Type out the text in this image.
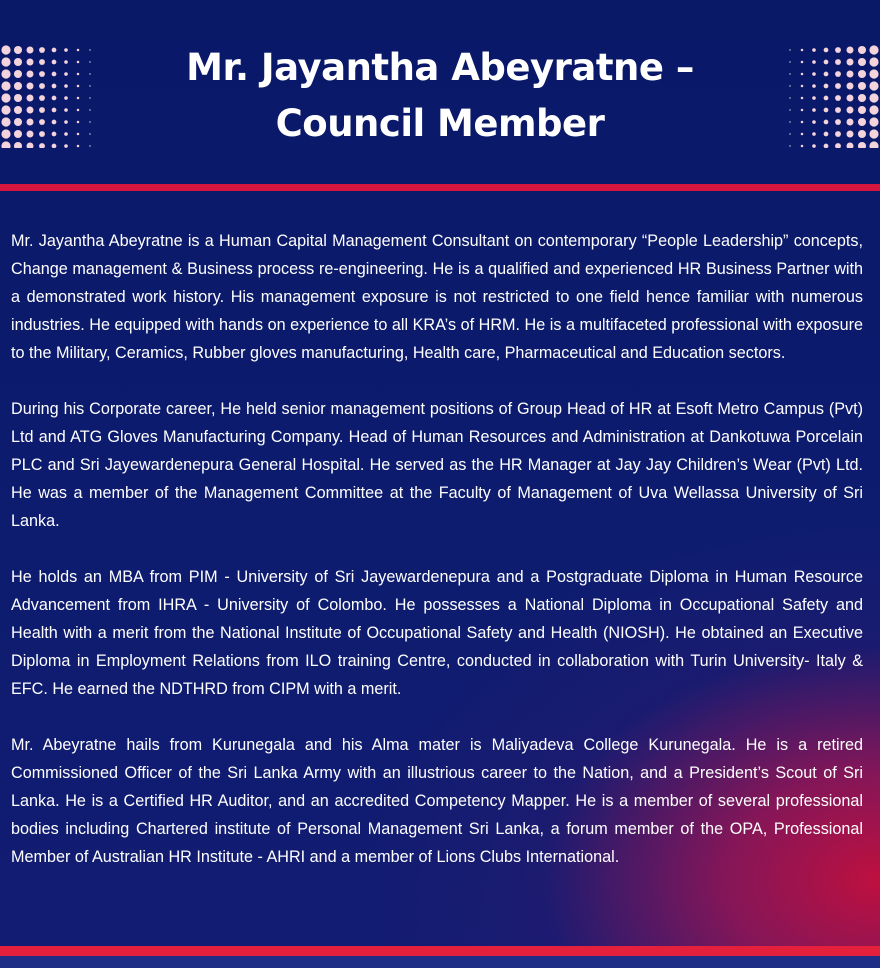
Mr. Jayantha Abeyratne –
Council Member

Mr. Jayantha Abeyratne is a Human Capital Management Consultant on contemporary “People Leadership” concepts, Change management & Business process re-engineering. He is a qualified and experienced HR Business Partner with a demonstrated work history. His management exposure is not restricted to one field hence familiar with numerous industries. He equipped with hands on experience to all KRA’s of HRM. He is a multifaceted professional with exposure to the Military, Ceramics, Rubber gloves manufacturing, Health care, Pharmaceutical and Education sectors.

During his Corporate career, He held senior management positions of Group Head of HR at Esoft Metro Campus (Pvt) Ltd and ATG Gloves Manufacturing Company. Head of Human Resources and Administration at Dankotuwa Porcelain PLC and Sri Jayewardenepura General Hospital. He served as the HR Manager at Jay Jay Children’s Wear (Pvt) Ltd. He was a member of the Management Committee at the Faculty of Management of Uva Wellassa University of Sri Lanka.

He holds an MBA from PIM - University of Sri Jayewardenepura and a Postgraduate Diploma in Human Resource Advancement from IHRA - University of Colombo. He possesses a National Diploma in Occupational Safety and Health with a merit from the National Institute of Occupational Safety and Health (NIOSH). He obtained an Executive Diploma in Employment Relations from ILO training Centre, conducted in collaboration with Turin University- Italy & EFC. He earned the NDTHRD from CIPM with a merit.

Mr. Abeyratne hails from Kurunegala and his Alma mater is Maliyadeva College Kurunegala. He is a retired Commissioned Officer of the Sri Lanka Army with an illustrious career to the Nation, and a President’s Scout of Sri Lanka. He is a Certified HR Auditor, and an accredited Competency Mapper. He is a member of several professional bodies including Chartered institute of Personal Management Sri Lanka, a forum member of the OPA, Professional Member of Australian HR Institute - AHRI and a member of Lions Clubs International.
